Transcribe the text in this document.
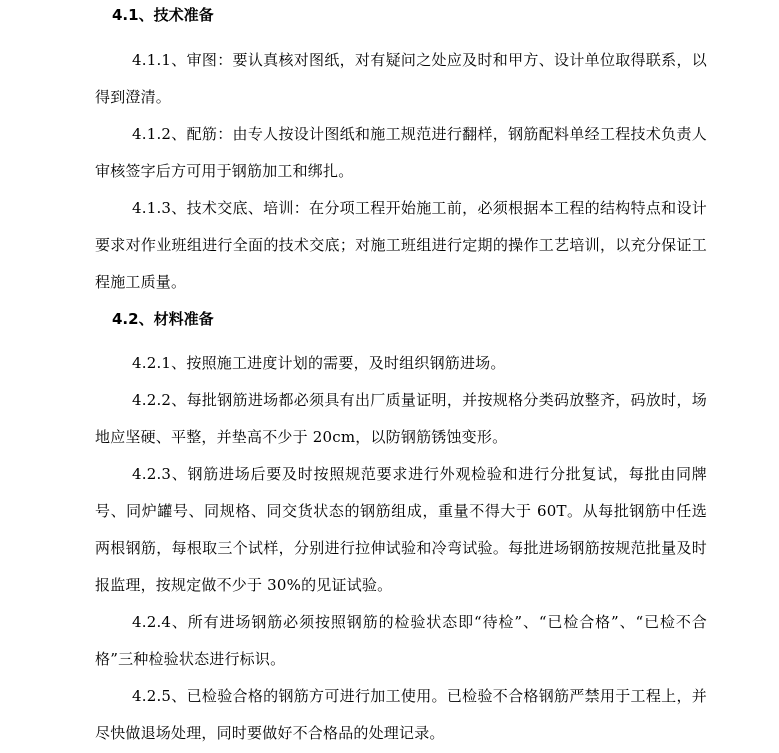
4.1、技术准备

4.1.1、审图：要认真核对图纸，对有疑问之处应及时和甲方、设计单位取得联系，以得到澄清。

4.1.2、配筋：由专人按设计图纸和施工规范进行翻样，钢筋配料单经工程技术负责人审核签字后方可用于钢筋加工和绑扎。

4.1.3、技术交底、培训：在分项工程开始施工前，必须根据本工程的结构特点和设计要求对作业班组进行全面的技术交底；对施工班组进行定期的操作工艺培训，以充分保证工程施工质量。

4.2、材料准备

4.2.1、按照施工进度计划的需要，及时组织钢筋进场。

4.2.2、每批钢筋进场都必须具有出厂质量证明，并按规格分类码放整齐，码放时，场地应坚硬、平整，并垫高不少于 20cm，以防钢筋锈蚀变形。

4.2.3、钢筋进场后要及时按照规范要求进行外观检验和进行分批复试，每批由同牌号、同炉罐号、同规格、同交货状态的钢筋组成，重量不得大于 60T。从每批钢筋中任选两根钢筋，每根取三个试样，分别进行拉伸试验和冷弯试验。每批进场钢筋按规范批量及时报监理，按规定做不少于 30%的见证试验。

4.2.4、所有进场钢筋必须按照钢筋的检验状态即“待检”、“已检合格”、“已检不合格”三种检验状态进行标识。

4.2.5、已检验合格的钢筋方可进行加工使用。已检验不合格钢筋严禁用于工程上，并尽快做退场处理，同时要做好不合格品的处理记录。
